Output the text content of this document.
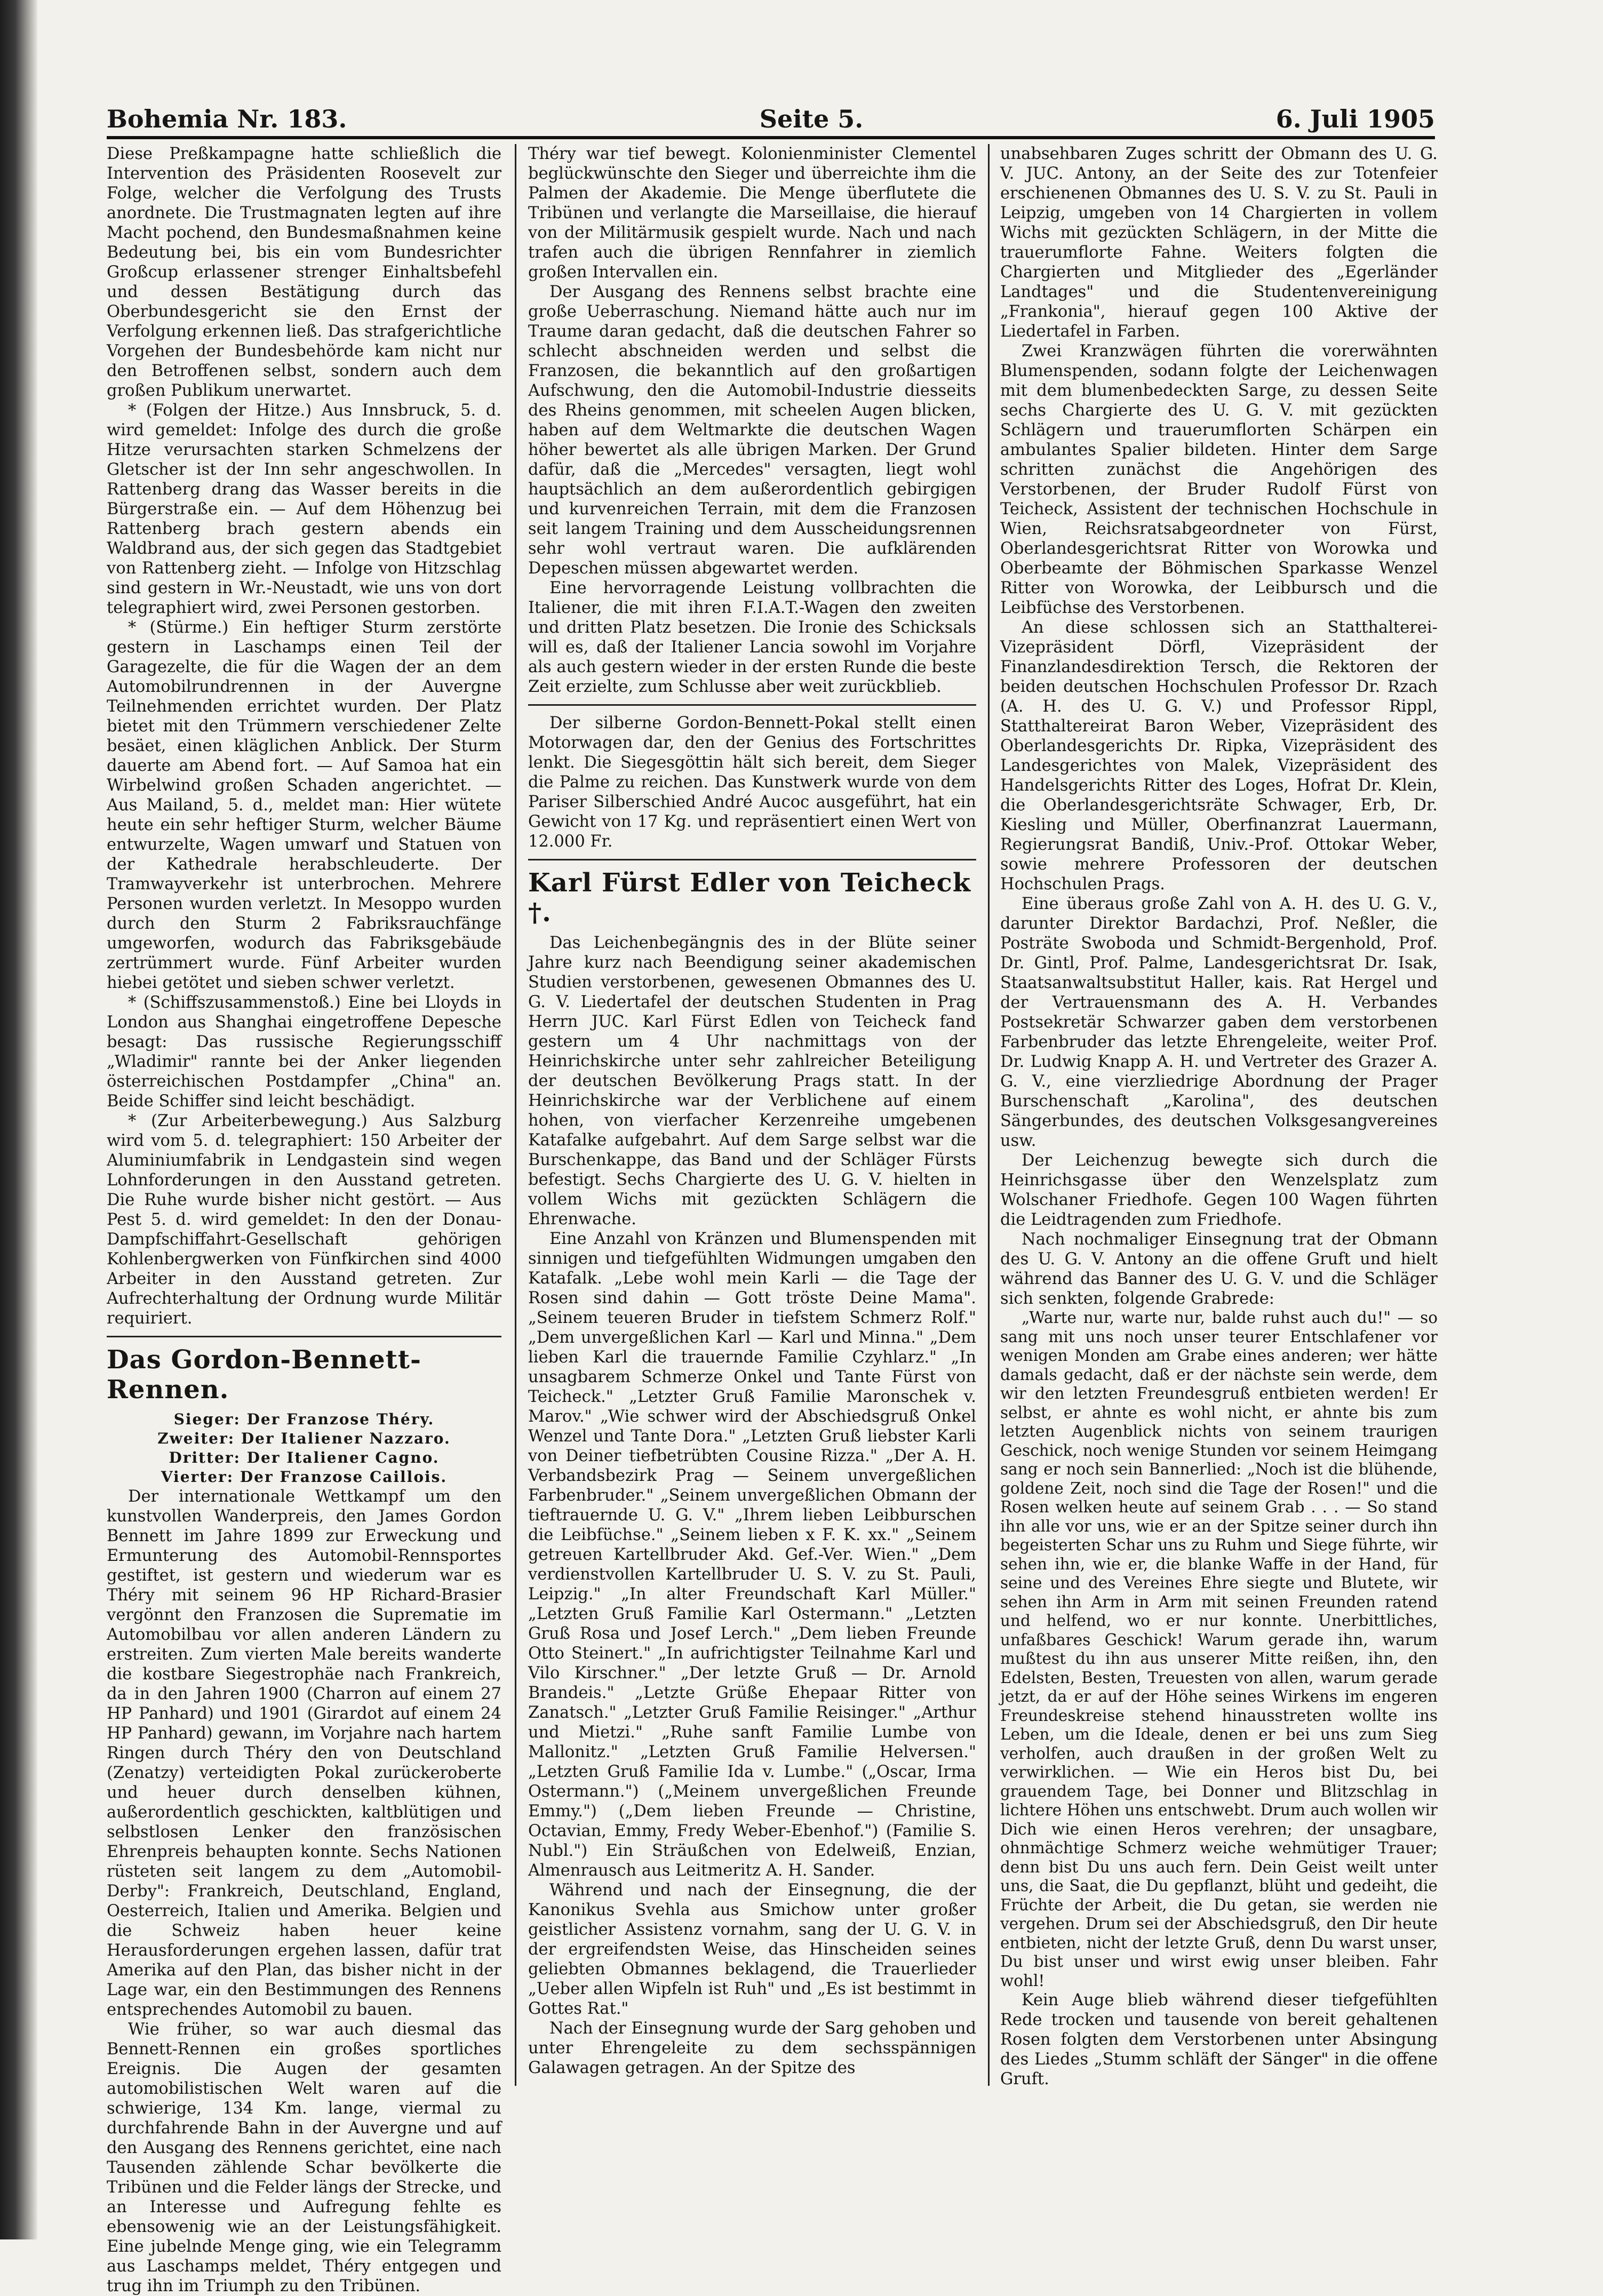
Bohemia Nr. 183.	Seite 5.	6. Juli 1905

Diese Preßkampagne hatte schließlich die Intervention des Präsidenten Roosevelt zur Folge, welcher die Verfolgung des Trusts anordnete. Die Trustmagnaten legten auf ihre Macht pochend, den Bundesmaßnahmen keine Bedeutung bei, bis ein vom Bundesrichter Großcup erlassener strenger Einhaltsbefehl und dessen Bestätigung durch das Oberbundesgericht sie den Ernst der Verfolgung erkennen ließ. Das strafgerichtliche Vorgehen der Bundesbehörde kam nicht nur den Betroffenen selbst, sondern auch dem großen Publikum unerwartet.

* (Folgen der Hitze.) Aus Innsbruck, 5. d. wird gemeldet: Infolge des durch die große Hitze verursachten starken Schmelzens der Gletscher ist der Inn sehr angeschwollen. In Rattenberg drang das Wasser bereits in die Bürgerstraße ein. — Auf dem Höhenzug bei Rattenberg brach gestern abends ein Waldbrand aus, der sich gegen das Stadtgebiet von Rattenberg zieht. — Infolge von Hitzschlag sind gestern in Wr.-Neustadt, wie uns von dort telegraphiert wird, zwei Personen gestorben.

* (Stürme.) Ein heftiger Sturm zerstörte gestern in Laschamps einen Teil der Garagezelte, die für die Wagen der an dem Automobilrundrennen in der Auvergne Teilnehmenden errichtet wurden. Der Platz bietet mit den Trümmern verschiedener Zelte besäet, einen kläglichen Anblick. Der Sturm dauerte am Abend fort. — Auf Samoa hat ein Wirbelwind großen Schaden angerichtet. — Aus Mailand, 5. d., meldet man: Hier wütete heute ein sehr heftiger Sturm, welcher Bäume entwurzelte, Wagen umwarf und Statuen von der Kathedrale herabschleuderte. Der Tramwayverkehr ist unterbrochen. Mehrere Personen wurden verletzt. In Mesoppo wurden durch den Sturm 2 Fabriksrauchfänge umgeworfen, wodurch das Fabriksgebäude zertrümmert wurde. Fünf Arbeiter wurden hiebei getötet und sieben schwer verletzt.

* (Schiffszusammenstoß.) Eine bei Lloyds in London aus Shanghai eingetroffene Depesche besagt: Das russische Regierungsschiff „Wladimir" rannte bei der Anker liegenden österreichischen Postdampfer „China" an. Beide Schiffer sind leicht beschädigt.

* (Zur Arbeiterbewegung.) Aus Salzburg wird vom 5. d. telegraphiert: 150 Arbeiter der Aluminiumfabrik in Lendgastein sind wegen Lohnforderungen in den Ausstand getreten. Die Ruhe wurde bisher nicht gestört. — Aus Pest 5. d. wird gemeldet: In den der Donau-Dampfschiffahrt-Gesellschaft gehörigen Kohlenbergwerken von Fünfkirchen sind 4000 Arbeiter in den Ausstand getreten. Zur Aufrechterhaltung der Ordnung wurde Militär requiriert.

Das Gordon-Bennett-Rennen.
Sieger: Der Franzose Théry.
Zweiter: Der Italiener Nazzaro.
Dritter: Der Italiener Cagno.
Vierter: Der Franzose Caillois.

Der internationale Wettkampf um den kunstvollen Wanderpreis, den James Gordon Bennett im Jahre 1899 zur Erweckung und Ermunterung des Automobil-Rennsportes gestiftet, ist gestern und wiederum war es Théry mit seinem 96 HP Richard-Brasier vergönnt den Franzosen die Suprematie im Automobilbau vor allen anderen Ländern zu erstreiten. Zum vierten Male bereits wanderte die kostbare Siegestrophäe nach Frankreich, da in den Jahren 1900 (Charron auf einem 27 HP Panhard) und 1901 (Girardot auf einem 24 HP Panhard) gewann, im Vorjahre nach hartem Ringen durch Théry den von Deutschland (Zenatzy) verteidigten Pokal zurückeroberte und heuer durch denselben kühnen, außerordentlich geschickten, kaltblütigen und selbstlosen Lenker den französischen Ehrenpreis behaupten konnte. Sechs Nationen rüsteten seit langem zu dem „Automobil-Derby": Frankreich, Deutschland, England, Oesterreich, Italien und Amerika. Belgien und die Schweiz haben heuer keine Herausforderungen ergehen lassen, dafür trat Amerika auf den Plan, das bisher nicht in der Lage war, ein den Bestimmungen des Rennens entsprechendes Automobil zu bauen.

Wie früher, so war auch diesmal das Bennett-Rennen ein großes sportliches Ereignis. Die Augen der gesamten automobilistischen Welt waren auf die schwierige, 134 Km. lange, viermal zu durchfahrende Bahn in der Auvergne und auf den Ausgang des Rennens gerichtet, eine nach Tausenden zählende Schar bevölkerte die Tribünen und die Felder längs der Strecke, und an Interesse und Aufregung fehlte es ebensowenig wie an der Leistungsfähigkeit. Eine jubelnde Menge ging, wie ein Telegramm aus Laschamps meldet, Théry entgegen und trug ihn im Triumph zu den Tribünen.

Théry war tief bewegt. Kolonienminister Clementel beglückwünschte den Sieger und überreichte ihm die Palmen der Akademie. Die Menge überflutete die Tribünen und verlangte die Marseillaise, die hierauf von der Militärmusik gespielt wurde. Nach und nach trafen auch die übrigen Rennfahrer in ziemlich großen Intervallen ein.

Der Ausgang des Rennens selbst brachte eine große Ueberraschung. Niemand hätte auch nur im Traume daran gedacht, daß die deutschen Fahrer so schlecht abschneiden werden und selbst die Franzosen, die bekanntlich auf den großartigen Aufschwung, den die Automobil-Industrie diesseits des Rheins genommen, mit scheelen Augen blicken, haben auf dem Weltmarkte die deutschen Wagen höher bewertet als alle übrigen Marken. Der Grund dafür, daß die „Mercedes" versagten, liegt wohl hauptsächlich an dem außerordentlich gebirgigen und kurvenreichen Terrain, mit dem die Franzosen seit langem Training und dem Ausscheidungsrennen sehr wohl vertraut waren. Die aufklärenden Depeschen müssen abgewartet werden.

Eine hervorragende Leistung vollbrachten die Italiener, die mit ihren F.I.A.T.-Wagen den zweiten und dritten Platz besetzen. Die Ironie des Schicksals will es, daß der Italiener Lancia sowohl im Vorjahre als auch gestern wieder in der ersten Runde die beste Zeit erzielte, zum Schlusse aber weit zurückblieb.

Der silberne Gordon-Bennett-Pokal stellt einen Motorwagen dar, den der Genius des Fortschrittes lenkt. Die Siegesgöttin hält sich bereit, dem Sieger die Palme zu reichen. Das Kunstwerk wurde von dem Pariser Silberschied André Aucoc ausgeführt, hat ein Gewicht von 17 Kg. und repräsentiert einen Wert von 12.000 Fr.

Karl Fürst Edler von Teicheck †.

Das Leichenbegängnis des in der Blüte seiner Jahre kurz nach Beendigung seiner akademischen Studien verstorbenen, gewesenen Obmannes des U. G. V. Liedertafel der deutschen Studenten in Prag Herrn JUC. Karl Fürst Edlen von Teicheck fand gestern um 4 Uhr nachmittags von der Heinrichskirche unter sehr zahlreicher Beteiligung der deutschen Bevölkerung Prags statt. In der Heinrichskirche war der Verblichene auf einem hohen, von vierfacher Kerzenreihe umgebenen Katafalke aufgebahrt. Auf dem Sarge selbst war die Burschenkappe, das Band und der Schläger Fürsts befestigt. Sechs Chargierte des U. G. V. hielten in vollem Wichs mit gezückten Schlägern die Ehrenwache.

Eine Anzahl von Kränzen und Blumenspenden mit sinnigen und tiefgefühlten Widmungen umgaben den Katafalk. „Lebe wohl mein Karli — die Tage der Rosen sind dahin — Gott tröste Deine Mama". „Seinem teueren Bruder in tiefstem Schmerz Rolf." „Dem unvergeßlichen Karl — Karl und Minna." „Dem lieben Karl die trauernde Familie Czyhlarz." „In unsagbarem Schmerze Onkel und Tante Fürst von Teicheck." „Letzter Gruß Familie Maronschek v. Marov." „Wie schwer wird der Abschiedsgruß Onkel Wenzel und Tante Dora." „Letzten Gruß liebster Karli von Deiner tiefbetrübten Cousine Rizza." „Der A. H. Verbandsbezirk Prag — Seinem unvergeßlichen Farbenbruder." „Seinem unvergeßlichen Obmann der tieftrauernde U. G. V." „Ihrem lieben Leibburschen die Leibfüchse." „Seinem lieben x F. K. xx." „Seinem getreuen Kartellbruder Akd. Gef.-Ver. Wien." „Dem verdienstvollen Kartellbruder U. S. V. zu St. Pauli, Leipzig." „In alter Freundschaft Karl Müller." „Letzten Gruß Familie Karl Ostermann." „Letzten Gruß Rosa und Josef Lerch." „Dem lieben Freunde Otto Steinert." „In aufrichtigster Teilnahme Karl und Vilo Kirschner." „Der letzte Gruß — Dr. Arnold Brandeis." „Letzte Grüße Ehepaar Ritter von Zanatsch." „Letzter Gruß Familie Reisinger." „Arthur und Mietzi." „Ruhe sanft Familie Lumbe von Mallonitz." „Letzten Gruß Familie Helversen." „Letzten Gruß Familie Ida v. Lumbe." („Oscar, Irma Ostermann.") („Meinem unvergeßlichen Freunde Emmy.") („Dem lieben Freunde — Christine, Octavian, Emmy, Fredy Weber-Ebenhof.") (Familie S. Nubl.") Ein Sträußchen von Edelweiß, Enzian, Almenrausch aus Leitmeritz A. H. Sander.

Während und nach der Einsegnung, die der Kanonikus Svehla aus Smichow unter großer geistlicher Assistenz vornahm, sang der U. G. V. in der ergreifendsten Weise, das Hinscheiden seines geliebten Obmannes beklagend, die Trauerlieder „Ueber allen Wipfeln ist Ruh" und „Es ist bestimmt in Gottes Rat."

Nach der Einsegnung wurde der Sarg gehoben und unter Ehrengeleite zu dem sechsspännigen Galawagen getragen. An der Spitze des

unabsehbaren Zuges schritt der Obmann des U. G. V. JUC. Antony, an der Seite des zur Totenfeier erschienenen Obmannes des U. S. V. zu St. Pauli in Leipzig, umgeben von 14 Chargierten in vollem Wichs mit gezückten Schlägern, in der Mitte die trauerumflorte Fahne. Weiters folgten die Chargierten und Mitglieder des „Egerländer Landtages" und die Studentenvereinigung „Frankonia", hierauf gegen 100 Aktive der Liedertafel in Farben.

Zwei Kranzwägen führten die vorerwähnten Blumenspenden, sodann folgte der Leichenwagen mit dem blumenbedeckten Sarge, zu dessen Seite sechs Chargierte des U. G. V. mit gezückten Schlägern und trauerumflorten Schärpen ein ambulantes Spalier bildeten. Hinter dem Sarge schritten zunächst die Angehörigen des Verstorbenen, der Bruder Rudolf Fürst von Teicheck, Assistent der technischen Hochschule in Wien, Reichsratsabgeordneter von Fürst, Oberlandesgerichtsrat Ritter von Worowka und Oberbeamte der Böhmischen Sparkasse Wenzel Ritter von Worowka, der Leibbursch und die Leibfüchse des Verstorbenen.

An diese schlossen sich an Statthalterei-Vizepräsident Dörfl, Vizepräsident der Finanzlandesdirektion Tersch, die Rektoren der beiden deutschen Hochschulen Professor Dr. Rzach (A. H. des U. G. V.) und Professor Rippl, Statthaltereirat Baron Weber, Vizepräsident des Oberlandesgerichts Dr. Ripka, Vizepräsident des Landesgerichtes von Malek, Vizepräsident des Handelsgerichts Ritter des Loges, Hofrat Dr. Klein, die Oberlandesgerichtsräte Schwager, Erb, Dr. Kiesling und Müller, Oberfinanzrat Lauermann, Regierungsrat Bandiß, Univ.-Prof. Ottokar Weber, sowie mehrere Professoren der deutschen Hochschulen Prags.

Eine überaus große Zahl von A. H. des U. G. V., darunter Direktor Bardachzi, Prof. Neßler, die Posträte Swoboda und Schmidt-Bergenhold, Prof. Dr. Gintl, Prof. Palme, Landesgerichtsrat Dr. Isak, Staatsanwaltsubstitut Haller, kais. Rat Hergel und der Vertrauensmann des A. H. Verbandes Postsekretär Schwarzer gaben dem verstorbenen Farbenbruder das letzte Ehrengeleite, weiter Prof. Dr. Ludwig Knapp A. H. und Vertreter des Grazer A. G. V., eine vierzliedrige Abordnung der Prager Burschenschaft „Karolina", des deutschen Sängerbundes, des deutschen Volksgesangvereines usw.

Der Leichenzug bewegte sich durch die Heinrichsgasse über den Wenzelsplatz zum Wolschaner Friedhofe. Gegen 100 Wagen führten die Leidtragenden zum Friedhofe.

Nach nochmaliger Einsegnung trat der Obmann des U. G. V. Antony an die offene Gruft und hielt während das Banner des U. G. V. und die Schläger sich senkten, folgende Grabrede:

„Warte nur, warte nur, balde ruhst auch du!" — so sang mit uns noch unser teurer Entschlafener vor wenigen Monden am Grabe eines anderen; wer hätte damals gedacht, daß er der nächste sein werde, dem wir den letzten Freundesgruß entbieten werden! Er selbst, er ahnte es wohl nicht, er ahnte bis zum letzten Augenblick nichts von seinem traurigen Geschick, noch wenige Stunden vor seinem Heimgang sang er noch sein Bannerlied: „Noch ist die blühende, goldene Zeit, noch sind die Tage der Rosen!" und die Rosen welken heute auf seinem Grab . . . — So stand ihn alle vor uns, wie er an der Spitze seiner durch ihn begeisterten Schar uns zu Ruhm und Siege führte, wir sehen ihn, wie er, die blanke Waffe in der Hand, für seine und des Vereines Ehre siegte und Blutete, wir sehen ihn Arm in Arm mit seinen Freunden ratend und helfend, wo er nur konnte. Unerbittliches, unfaßbares Geschick! Warum gerade ihn, warum mußtest du ihn aus unserer Mitte reißen, ihn, den Edelsten, Besten, Treuesten von allen, warum gerade jetzt, da er auf der Höhe seines Wirkens im engeren Freundeskreise stehend hinausstreten wollte ins Leben, um die Ideale, denen er bei uns zum Sieg verholfen, auch draußen in der großen Welt zu verwirklichen. — Wie ein Heros bist Du, bei grauendem Tage, bei Donner und Blitzschlag in lichtere Höhen uns entschwebt. Drum auch wollen wir Dich wie einen Heros verehren; der unsagbare, ohnmächtige Schmerz weiche wehmütiger Trauer; denn bist Du uns auch fern. Dein Geist weilt unter uns, die Saat, die Du gepflanzt, blüht und gedeiht, die Früchte der Arbeit, die Du getan, sie werden nie vergehen. Drum sei der Abschiedsgruß, den Dir heute entbieten, nicht der letzte Gruß, denn Du warst unser, Du bist unser und wirst ewig unser bleiben. Fahr wohl!

Kein Auge blieb während dieser tiefgefühlten Rede trocken und tausende von bereit gehaltenen Rosen folgten dem Verstorbenen unter Absingung des Liedes „Stumm schläft der Sänger" in die offene Gruft.
